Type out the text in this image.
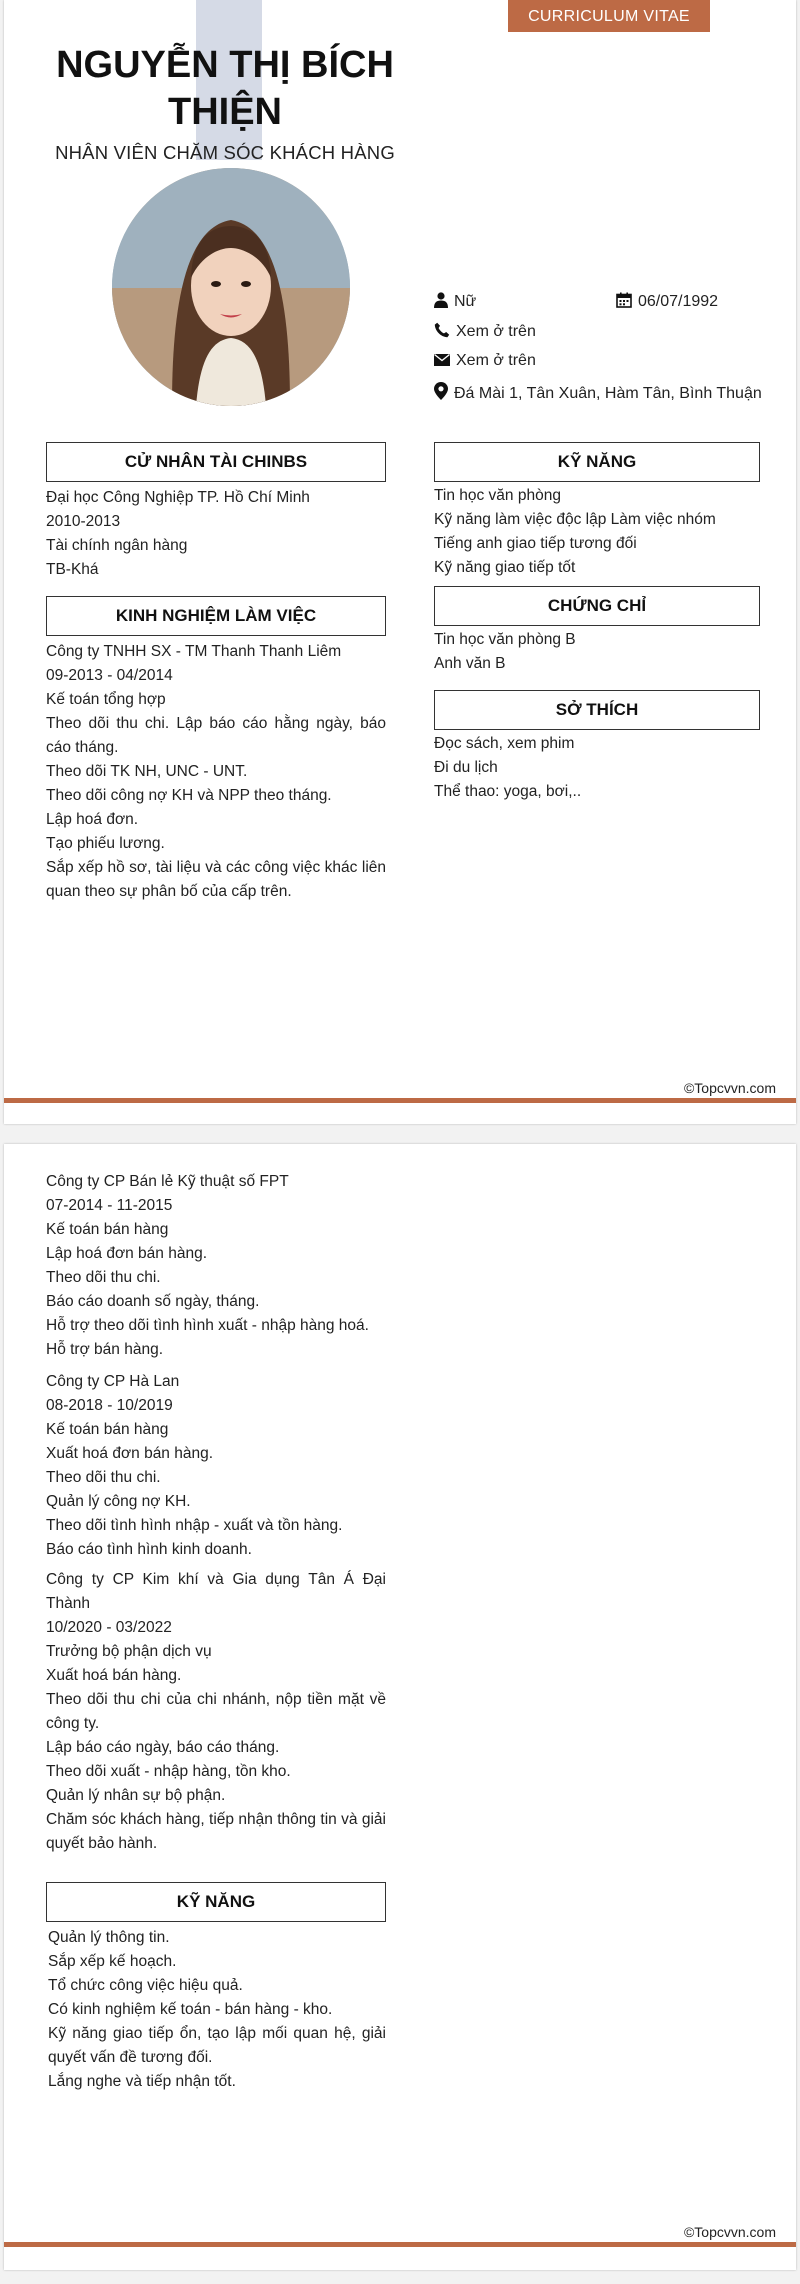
CURRICULUM VITAE
NGUYỄN THỊ BÍCH
THIỆN
NHÂN VIÊN CHĂM SÓC KHÁCH HÀNG
Nữ	06/07/1992
Xem ở trên
Xem ở trên
Đá Mài 1, Tân Xuân, Hàm Tân, Bình Thuận
CỬ NHÂN TÀI CHINBS
Đại học Công Nghiệp TP. Hồ Chí Minh
2010-2013
Tài chính ngân hàng
TB-Khá
KINH NGHIỆM LÀM VIỆC
Công ty TNHH SX - TM Thanh Thanh Liêm
09-2013 - 04/2014
Kế toán tổng hợp
Theo dõi thu chi. Lập báo cáo hằng ngày, báo cáo tháng.
Theo dõi TK NH, UNC - UNT.
Theo dõi công nợ KH và NPP theo tháng.
Lập hoá đơn.
Tạo phiếu lương.
Sắp xếp hồ sơ, tài liệu và các công việc khác liên quan theo sự phân bố của cấp trên.
KỸ NĂNG
Tin học văn phòng
Kỹ năng làm việc độc lập Làm việc nhóm
Tiếng anh giao tiếp tương đối
Kỹ năng giao tiếp tốt
CHỨNG CHỈ
Tin học văn phòng B
Anh văn B
SỞ THÍCH
Đọc sách, xem phim
Đi du lịch
Thể thao: yoga, bơi,..
©Topcvvn.com
Công ty CP Bán lẻ Kỹ thuật số FPT
07-2014 - 11-2015
Kế toán bán hàng
Lập hoá đơn bán hàng.
Theo dõi thu chi.
Báo cáo doanh số ngày, tháng.
Hỗ trợ theo dõi tình hình xuất - nhập hàng hoá.
Hỗ trợ bán hàng.
Công ty CP Hà Lan
08-2018 - 10/2019
Kế toán bán hàng
Xuất hoá đơn bán hàng.
Theo dõi thu chi.
Quản lý công nợ KH.
Theo dõi tình hình nhập - xuất và tồn hàng.
Báo cáo tình hình kinh doanh.
Công ty CP Kim khí và Gia dụng Tân Á Đại Thành
10/2020 - 03/2022
Trưởng bộ phận dịch vụ
Xuất hoá bán hàng.
Theo dõi thu chi của chi nhánh, nộp tiền mặt về công ty.
Lập báo cáo ngày, báo cáo tháng.
Theo dõi xuất - nhập hàng, tồn kho.
Quản lý nhân sự bộ phận.
Chăm sóc khách hàng, tiếp nhận thông tin và giải quyết bảo hành.
KỸ NĂNG
Quản lý thông tin.
Sắp xếp kế hoạch.
Tổ chức công việc hiệu quả.
Có kinh nghiệm kế toán - bán hàng - kho.
Kỹ năng giao tiếp ổn, tạo lập mối quan hệ, giải quyết vấn đề tương đối.
Lắng nghe và tiếp nhận tốt.
©Topcvvn.com
